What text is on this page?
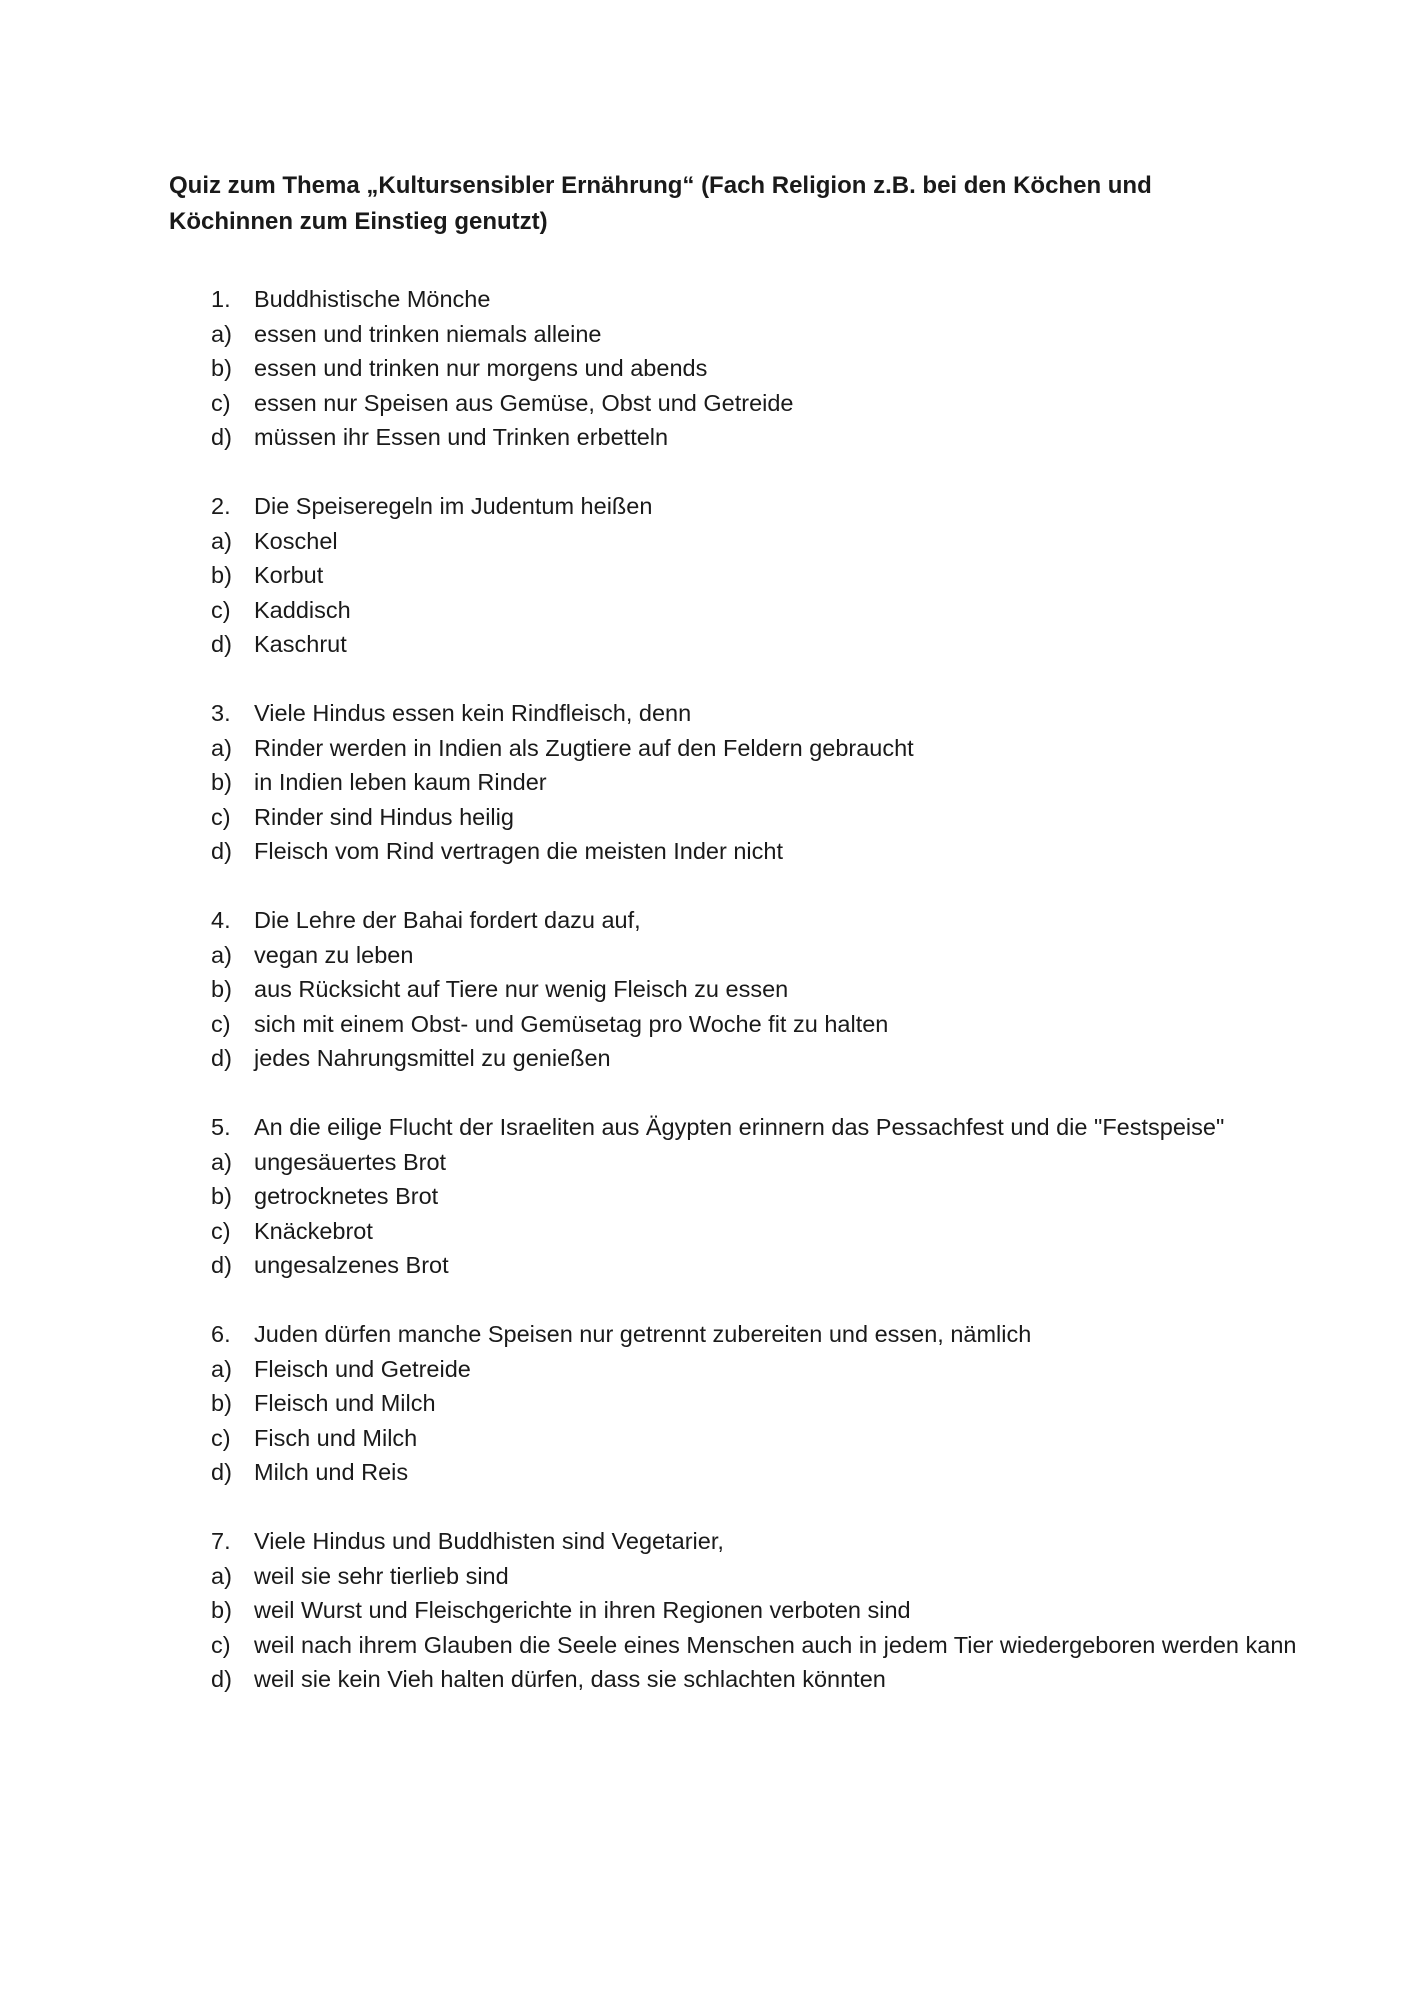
Quiz zum Thema „Kultursensibler Ernährung“ (Fach Religion z.B. bei den Köchen und Köchinnen zum Einstieg genutzt)
1. Buddhistische Mönche
a) essen und trinken niemals alleine
b) essen und trinken nur morgens und abends
c) essen nur Speisen aus Gemüse, Obst und Getreide
d) müssen ihr Essen und Trinken erbetteln
2. Die Speiseregeln im Judentum heißen
a) Koschel
b) Korbut
c) Kaddisch
d) Kaschrut
3. Viele Hindus essen kein Rindfleisch, denn
a) Rinder werden in Indien als Zugtiere auf den Feldern gebraucht
b) in Indien leben kaum Rinder
c) Rinder sind Hindus heilig
d) Fleisch vom Rind vertragen die meisten Inder nicht
4. Die Lehre der Bahai fordert dazu auf,
a) vegan zu leben
b) aus Rücksicht auf Tiere nur wenig Fleisch zu essen
c) sich mit einem Obst- und Gemüsetag pro Woche fit zu halten
d) jedes Nahrungsmittel zu genießen
5. An die eilige Flucht der Israeliten aus Ägypten erinnern das Pessachfest und die "Festspeise"
a) ungesäuertes Brot
b) getrocknetes Brot
c) Knäckebrot
d) ungesalzenes Brot
6. Juden dürfen manche Speisen nur getrennt zubereiten und essen, nämlich
a) Fleisch und Getreide
b) Fleisch und Milch
c) Fisch und Milch
d) Milch und Reis
7. Viele Hindus und Buddhisten sind Vegetarier,
a) weil sie sehr tierlieb sind
b) weil Wurst und Fleischgerichte in ihren Regionen verboten sind
c) weil nach ihrem Glauben die Seele eines Menschen auch in jedem Tier wiedergeboren werden kann
d) weil sie kein Vieh halten dürfen, dass sie schlachten könnten
